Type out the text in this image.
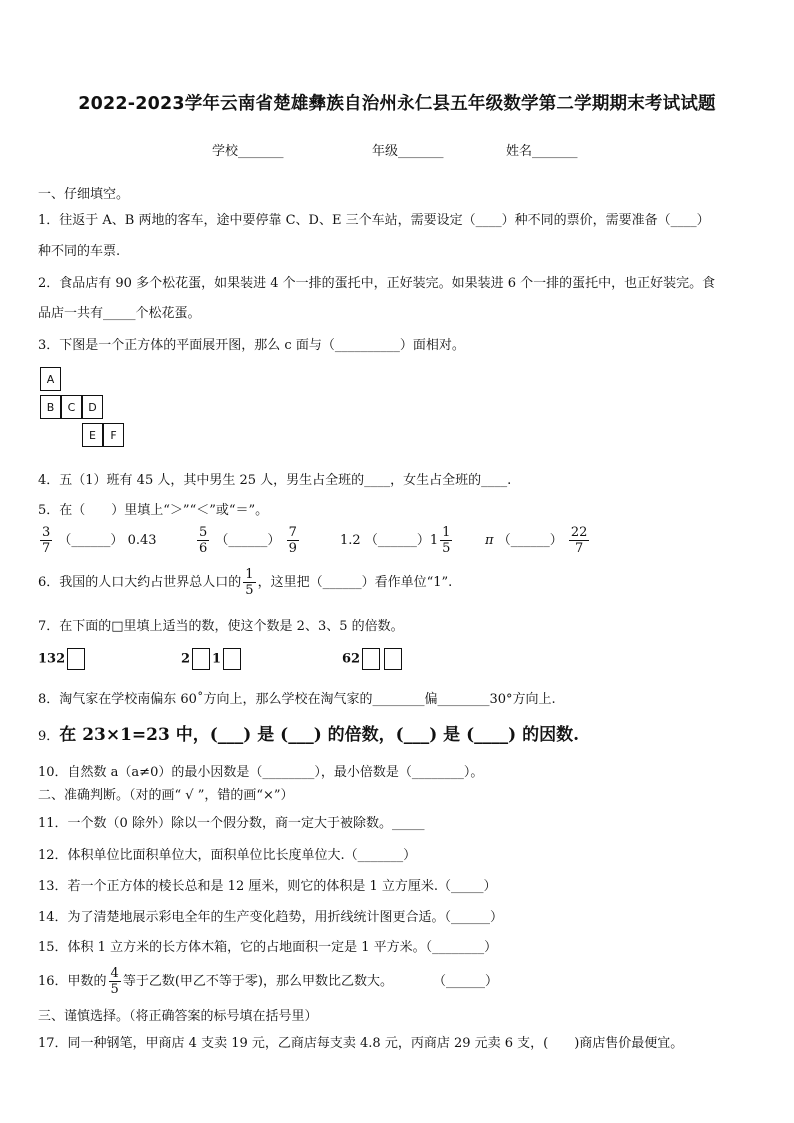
2022-2023学年云南省楚雄彝族自治州永仁县五年级数学第二学期期末考试试题
学校_______	年级_______	姓名_______
一、仔细填空。
1．往返于 A、B 两地的客车，途中要停靠 C、D、E 三个车站，需要设定（____）种不同的票价，需要准备（____）
种不同的车票.
2．食品店有 90 多个松花蛋，如果装进 4 个一排的蛋托中，正好装完。如果装进 6 个一排的蛋托中，也正好装完。食
品店一共有_____个松花蛋。
3．下图是一个正方体的平面展开图，那么 c 面与（__________）面相对。
A
B	C	D
E	F
4．五（1）班有 45 人，其中男生 25 人，男生占全班的____，女生占全班的____.
5．在（　　）里填上“＞”“＜”或“＝”。
$\frac{3}{7}$ （______） 0.43	$\frac{5}{6}$ （______） $\frac{7}{9}$	1.2 （______）1 $\frac{1}{5}$	π （______） $\frac{22}{7}$
6．我国的人口大约占世界总人口的 $\frac{1}{5}$ ，这里把（______）看作单位“1”.
7．在下面的□里填上适当的数，使这个数是 2、3、5 的倍数。
132	2 1	62
8．淘气家在学校南偏东 60˚方向上，那么学校在淘气家的________偏________30°方向上.
9．在 23×1=23 中，(___) 是 (___) 的倍数，(___) 是 (____) 的因数.
10．自然数 a（a≠0）的最小因数是（________），最小倍数是（________）。
二、准确判断。（对的画“ √ ”，错的画“×”）
11．一个数（0 除外）除以一个假分数，商一定大于被除数。_____
12．体积单位比面积单位大，面积单位比长度单位大.（_______）
13．若一个正方体的棱长总和是 12 厘米，则它的体积是 1 立方厘米.（_____）
14．为了清楚地展示彩电全年的生产变化趋势，用折线统计图更合适。（______）
15．体积 1 立方米的长方体木箱，它的占地面积一定是 1 平方米。（________）
16．甲数的 $\frac{4}{5}$ 等于乙数(甲乙不等于零)，那么甲数比乙数大。	（______）
三、谨慎选择。（将正确答案的标号填在括号里）
17．同一种钢笔，甲商店 4 支卖 19 元，乙商店每支卖 4.8 元，丙商店 29 元卖 6 支，(　　)商店售价最便宜。
